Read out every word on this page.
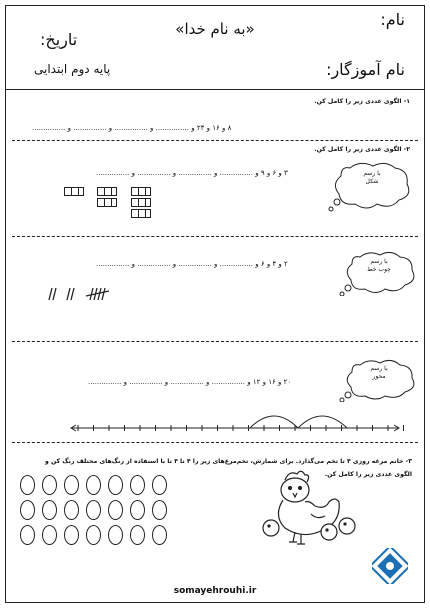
«به نام خدا»	نام:
تاریخ:
پایه دوم ابتدایی	نام آموزگار:
۱- الگوی عددی زیر را کامل کن.
۸ و ۱۶ و ۲۴ و ............... و ............... و ............... و ...............
۲- الگوی عددی زیر را کامل کن.
۳ و ۶ و ۹ و ............... و ............... و ............... و ...............	با رسم
شکل
۲ و ۴ و ۶ و ............... و ............... و ............... و ...............	با رسم
چوب خط
۲۰ و ۱۶ و ۱۲ و ............... و ............... و ............... و ...............
با رسم
محور
۳- خانم مرغه روزی ۴ تا تخم می‌گذارد. برای شمارش، تخم‌مرغ‌های زیر را ۴ تا ۴ تا با استفاده از رنگ‌های مختلف رنگ کن و الگوی عددی زیر را کامل کن.
somayehrouhi.ir
